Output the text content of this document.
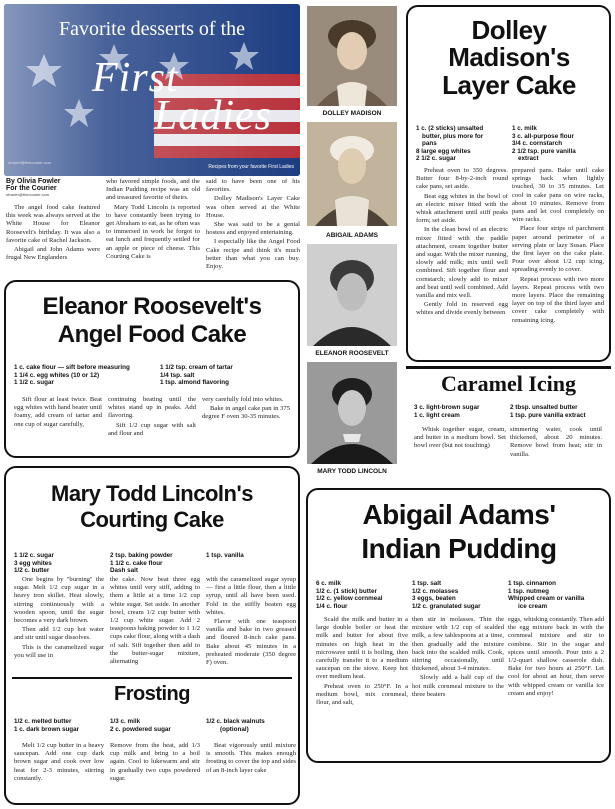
Favorite desserts of the
First
Ladies
ofowler@thecourier.com
Recipes from your favorite First Ladies
By Olivia Fowler
For the Courier
ofowler@thecourier.com

The angel food cake featured this week was always served at the White House for Eleanor Roosevelt's birthday. It was also a favorite cake of Rachel Jackson.

Abigail and John Adams were frugal New Englanders

who favored simple foods, and the Indian Pudding recipe was an old and treasured favorite of theirs.

Mary Todd Lincoln is reported to have constantly been trying to get Abraham to eat, as he often was to immersed in work he forgot to eat lunch and frequently settled for an apple or piece of cheese. This Courting Cake is

said to have been one of his favorites.

Dolley Madison's Layer Cake was often served at the White House.

She was said to be a genial hostess and enjoyed entertaining.

I especially like the Angel Food Cake recipe and think it's much better than what you can buy. Enjoy.

DOLLEY MADISON
ABIGAIL ADAMS
ELEANOR ROOSEVELT
MARY TODD LINCOLN
Dolley Madison's Layer Cake
1 c. (2 sticks) unsalted
butter, plus more for
pans
8 large egg whites
2 1/2 c. sugar
1 c. milk
3 c. all-purpose flour
3/4 c. cornstarch
2 1/2 tsp. pure vanilla
extract

Preheat oven to 350 degrees. Butter four 8-by-2-inch round cake pans, set aside.

Beat egg whites in the bowl of an electric mixer fitted with the whisk attachment until stiff peaks form; set aside.

In the clean bowl of an electric mixer fitted with the paddle attachment, cream together butter and sugar. With the mixer running, slowly add milk; mix until well combined. Sift together flour and cornstarch; slowly add to mixer and beat until well combined. Add vanilla and mix well.

Gently fold in reserved egg whites and divide evenly between

prepared pans. Bake until cake springs back when lightly touched, 30 to 35 minutes. Let cool in cake pans on wire racks, about 10 minutes. Remove from pans and let cool completely on wire racks.

Place four strips of parchment paper around perimeter of a serving plate or lazy Susan. Place the first layer on the cake plate. Pour over about 1/2 cup icing, spreading evenly to cover.

Repeat process with two more layers. Repeat process with two more layers. Place the remaining layer on top of the third layer and cover cake completely with remaining icing.

Caramel Icing
3 c. light-brown sugar
1 c. light cream
2 tbsp. unsalted butter
1 tsp. pure vanilla extract

Whisk together sugar, cream, and butter in a medium bowl. Set bowl over (but not touching)

simmering water, cook until thickened, about 20 minutes. Remove bowl from heat; stir in vanilla.

Eleanor Roosevelt's
Angel Food Cake
1 c. cake flour — sift before measuring
1 1/4 c. egg whites (10 or 12)
1 1/2 c. sugar
1 1/2 tsp. cream of tartar
1/4 tsp. salt
1 tsp. almond flavoring

Sift flour at least twice. Beat egg whites with hand beater until foamy, add cream of tartar and one cup of sugar carefully,

continuing beating until the whites stand up in peaks. Add flavoring.

Sift 1/2 cup sugar with salt and flour and

very carefully fold into whites.

Bake in angel cake pan in 375 degree F oven 30-35 minutes.

Mary Todd Lincoln's
Courting Cake
1 1/2 c. sugar
3 egg whites
1/2 c. butter
2 tsp. baking powder
1 1/2 c. cake flour
Dash salt
1 tsp. vanilla

One begins by "burning" the sugar. Melt 1/2 cup sugar in a heavy iron skillet. Heat slowly, stirring continuously with a wooden spoon, until the sugar becomes a very dark brown.

Then add 1/2 cup hot water and stir until sugar dissolves.

This is the caramelized sugar you will use in

the cake. Now beat three egg whites until very stiff, adding to them a little at a time 1/2 cup white sugar. Set aside. In another bowl, cream 1/2 cup butter with 1/2 cup white sugar. Add 2 teaspoons baking powder to 1 1/2 cups cake flour, along with a dash of salt. Sift together then add to the butter-sugar mixture, alternating

with the caramelized sugar syrup — first a little flour, then a little syrup, until all have been used. Fold in the stiffly beaten egg whites.

Flavor with one teaspoon vanilla and bake in two greased and floured 8-inch cake pans. Bake about 45 minutes in a preheated moderate (350 degree F) oven.

Frosting
1/2 c. melted butter
1 c. dark brown sugar
1/3 c. milk
2 c. powdered sugar
1/2 c. black walnuts
(optional)

Melt 1/2 cup butter in a heavy saucepan. Add one cup dark brown sugar and cook over low heat for 2-3 minutes, stirring constantly.

Remove from the heat, add 1/3 cup milk and bring to a boil again. Cool to lukewarm and stir in gradually two cups powdered sugar.

Beat vigorously until mixture is smooth. This makes enough frosting to cover the top and sides of an 8-inch layer cake

Abigail Adams'
Indian Pudding
6 c. milk
1/2 c. (1 stick) butter
1/2 c. yellow cornmeal
1/4 c. flour
1 tsp. salt
1/2 c. molasses
3 eggs, beaten
1/2 c. granulated sugar
1 tsp. cinnamon
1 tsp. nutmeg
Whipped cream or vanilla
ice cream

Scald the milk and butter in a large double boiler or heat the milk and butter for about five minutes on high heat in the microwave until it is boiling, then carefully transfer it to a medium saucepan on the stove. Keep hot over medium heat.

Preheat oven to 250°F. In a medium bowl, mix cornmeal, flour, and salt,

then stir in molasses. Thin the mixture with 1/2 cup of scalded milk, a few tablespoons at a time, then gradually add the mixture back into the scalded milk. Cook, stirring occasionally, until thickened, about 3-4 minutes.

Slowly add a half cup of the hot milk cornmeal mixture to the three beaters

eggs, whisking constantly. Then add the egg mixture back in with the cornmeal mixture and stir to combine. Stir in the sugar and spices until smooth. Pour into a 2 1/2-quart shallow casserole dish. Bake for two hours at 250°F. Let cool for about an hour, then serve with whipped cream or vanilla ice cream and enjoy!
